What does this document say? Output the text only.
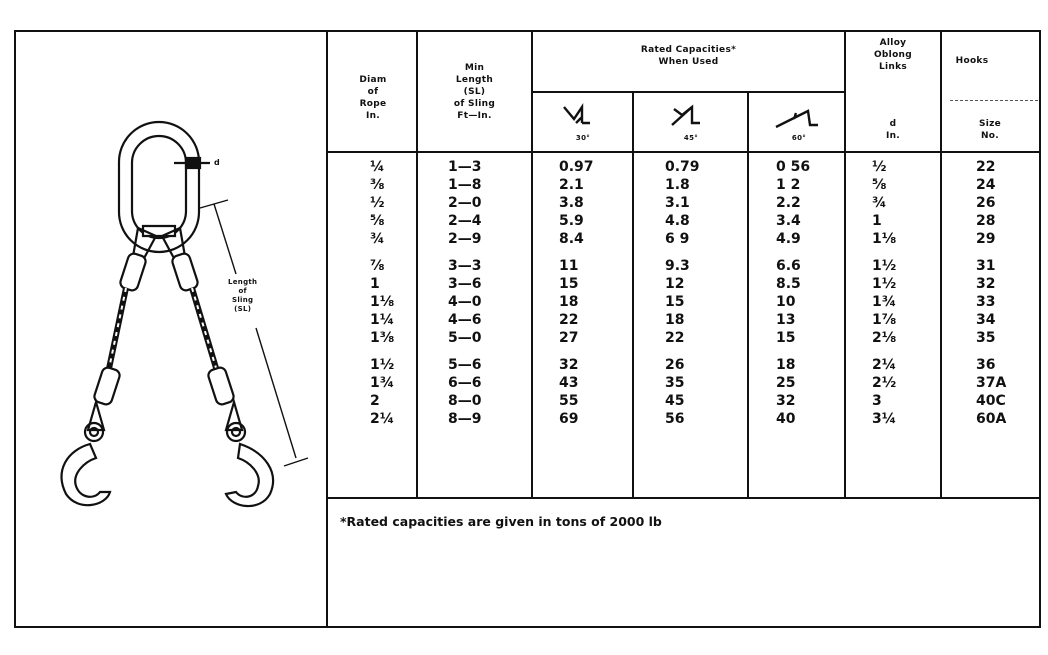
d
Length
of
Sling
(SL)
Diam
of
Rope
In.
Min
Length
(SL)
of Sling
Ft—In.
Rated Capacities*
When Used
30°	45°	60°
Alloy
Oblong
Links
d
In.
Hooks
Size
No.
¼	1—3	0.97	0.79	0 56	½	22
⅜	1—8	2.1	1.8	1 2	⅝	24
½	2—0	3.8	3.1	2.2	¾	26
⅝	2—4	5.9	4.8	3.4	1	28
¾	2—9	8.4	6 9	4.9	1⅛	29
⅞	3—3	11	9.3	6.6	1½	31
1	3—6	15	12	8.5	1½	32
1⅛	4—0	18	15	10	1¾	33
1¼	4—6	22	18	13	1⅞	34
1⅜	5—0	27	22	15	2⅛	35
1½	5—6	32	26	18	2¼	36
1¾	6—6	43	35	25	2½	37A
2	8—0	55	45	32	3	40C
2¼	8—9	69	56	40	3¼	60A
*Rated capacities are given in tons of 2000 lb
